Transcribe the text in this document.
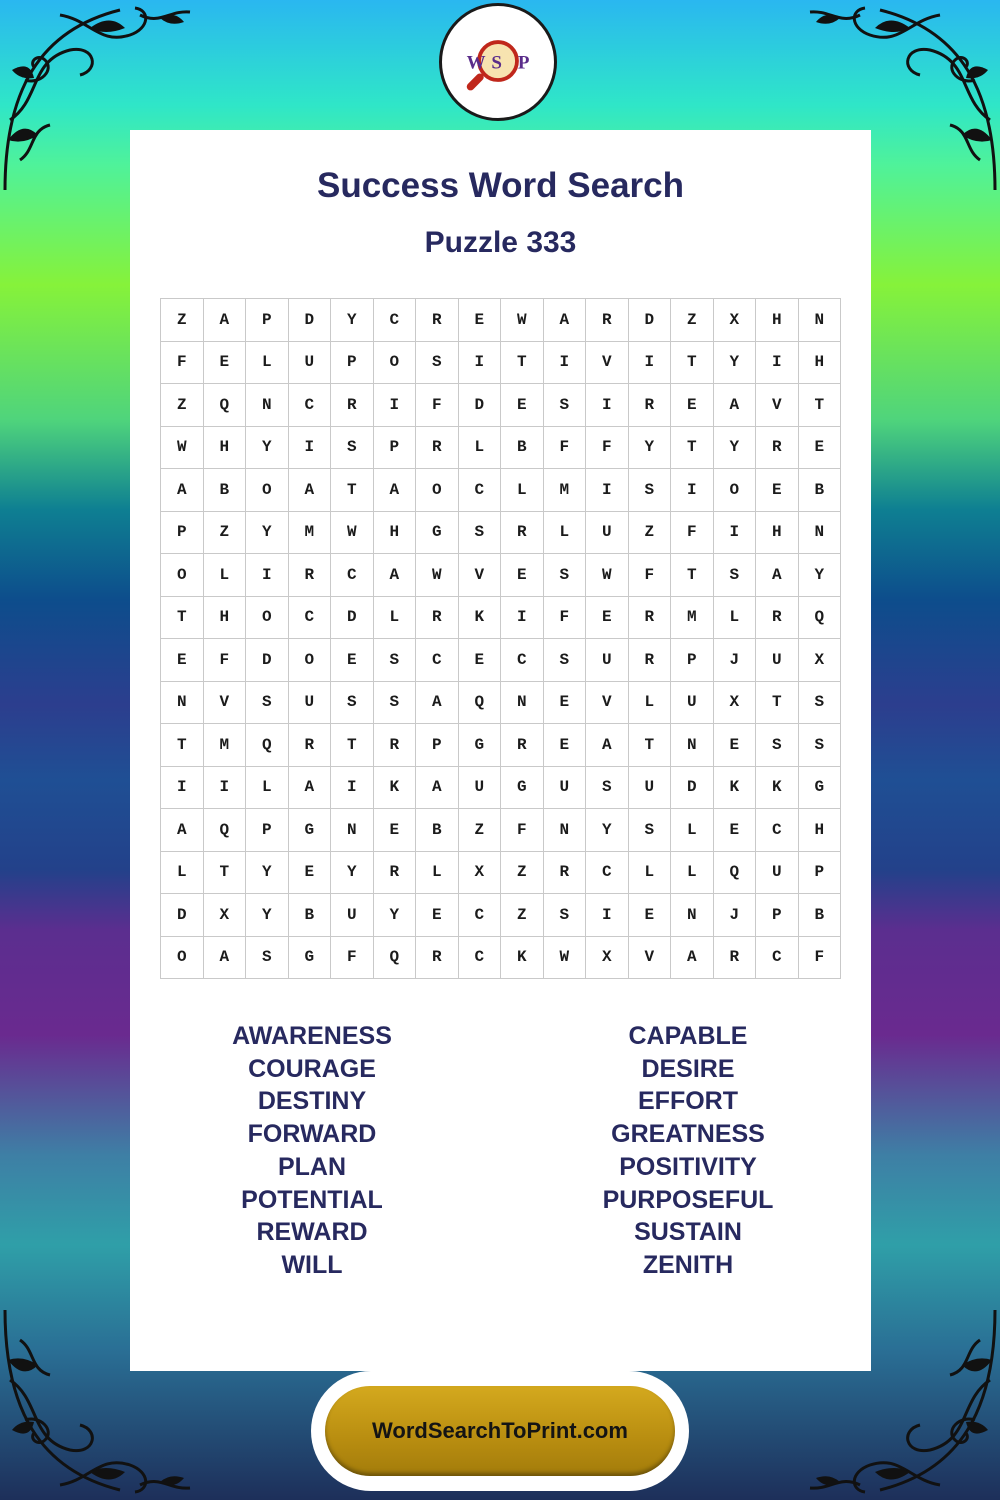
W S P
Success Word Search
Puzzle 333
Z	A	P	D	Y	C	R	E	W	A	R	D	Z	X	H	N
F	E	L	U	P	O	S	I	T	I	V	I	T	Y	I	H
Z	Q	N	C	R	I	F	D	E	S	I	R	E	A	V	T
W	H	Y	I	S	P	R	L	B	F	F	Y	T	Y	R	E
A	B	O	A	T	A	O	C	L	M	I	S	I	O	E	B
P	Z	Y	M	W	H	G	S	R	L	U	Z	F	I	H	N
O	L	I	R	C	A	W	V	E	S	W	F	T	S	A	Y
T	H	O	C	D	L	R	K	I	F	E	R	M	L	R	Q
E	F	D	O	E	S	C	E	C	S	U	R	P	J	U	X
N	V	S	U	S	S	A	Q	N	E	V	L	U	X	T	S
T	M	Q	R	T	R	P	G	R	E	A	T	N	E	S	S
I	I	L	A	I	K	A	U	G	U	S	U	D	K	K	G
A	Q	P	G	N	E	B	Z	F	N	Y	S	L	E	C	H
L	T	Y	E	Y	R	L	X	Z	R	C	L	L	Q	U	P
D	X	Y	B	U	Y	E	C	Z	S	I	E	N	J	P	B
O	A	S	G	F	Q	R	C	K	W	X	V	A	R	C	F
AWARENESS
COURAGE
DESTINY
FORWARD
PLAN
POTENTIAL
REWARD
WILL
CAPABLE
DESIRE
EFFORT
GREATNESS
POSITIVITY
PURPOSEFUL
SUSTAIN
ZENITH
WordSearchToPrint.com
